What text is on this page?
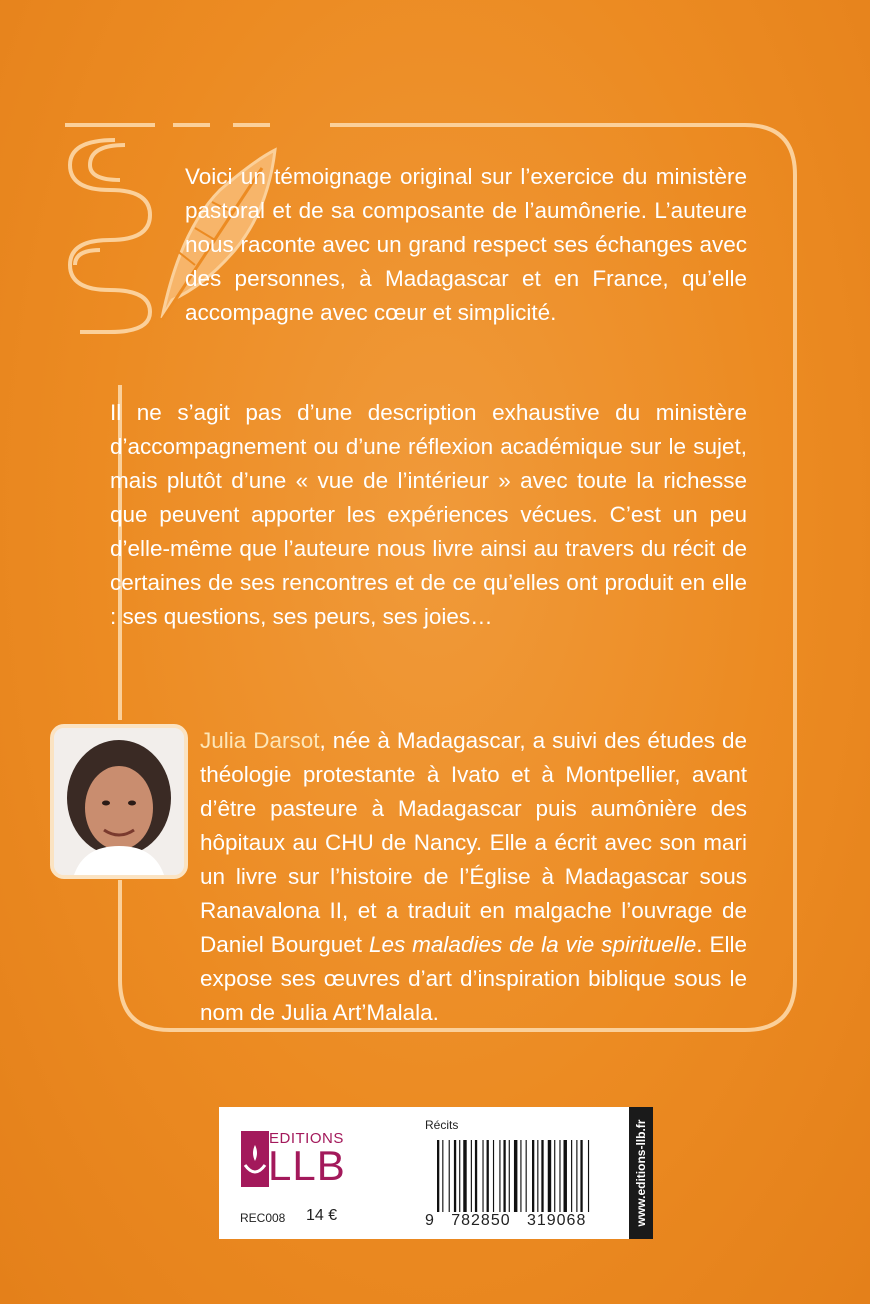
Voici un témoignage original sur l’exercice du ministère pastoral et de sa composante de l’aumônerie. L’auteure nous raconte avec un grand respect ses échanges avec des personnes, à Madagascar et en France, qu’elle accompagne avec cœur et simplicité.
Il ne s’agit pas d’une description exhaustive du ministère d’accompagnement ou d’une réflexion académique sur le sujet, mais plutôt d’une « vue de l’intérieur » avec toute la richesse que peuvent apporter les expériences vécues. C’est un peu d’elle-même que l’auteure nous livre ainsi au travers du récit de certaines de ses rencontres et de ce qu’elles ont produit en elle : ses questions, ses peurs, ses joies…
Julia Darsot, née à Madagascar, a suivi des études de théologie protestante à Ivato et à Montpellier, avant d’être pasteure à Madagascar puis aumônière des hôpitaux au CHU de Nancy. Elle a écrit avec son mari un livre sur l’histoire de l’Église à Madagascar sous Ranavalona II, et a traduit en malgache l’ouvrage de Daniel Bourguet Les maladies de la vie spirituelle. Elle expose ses œuvres d’art d’inspiration biblique sous le nom de Julia Art’Malala.
EDITIONS
LLB
REC008 14 €
Récits
9   782850   319068	www.editions-llb.fr
